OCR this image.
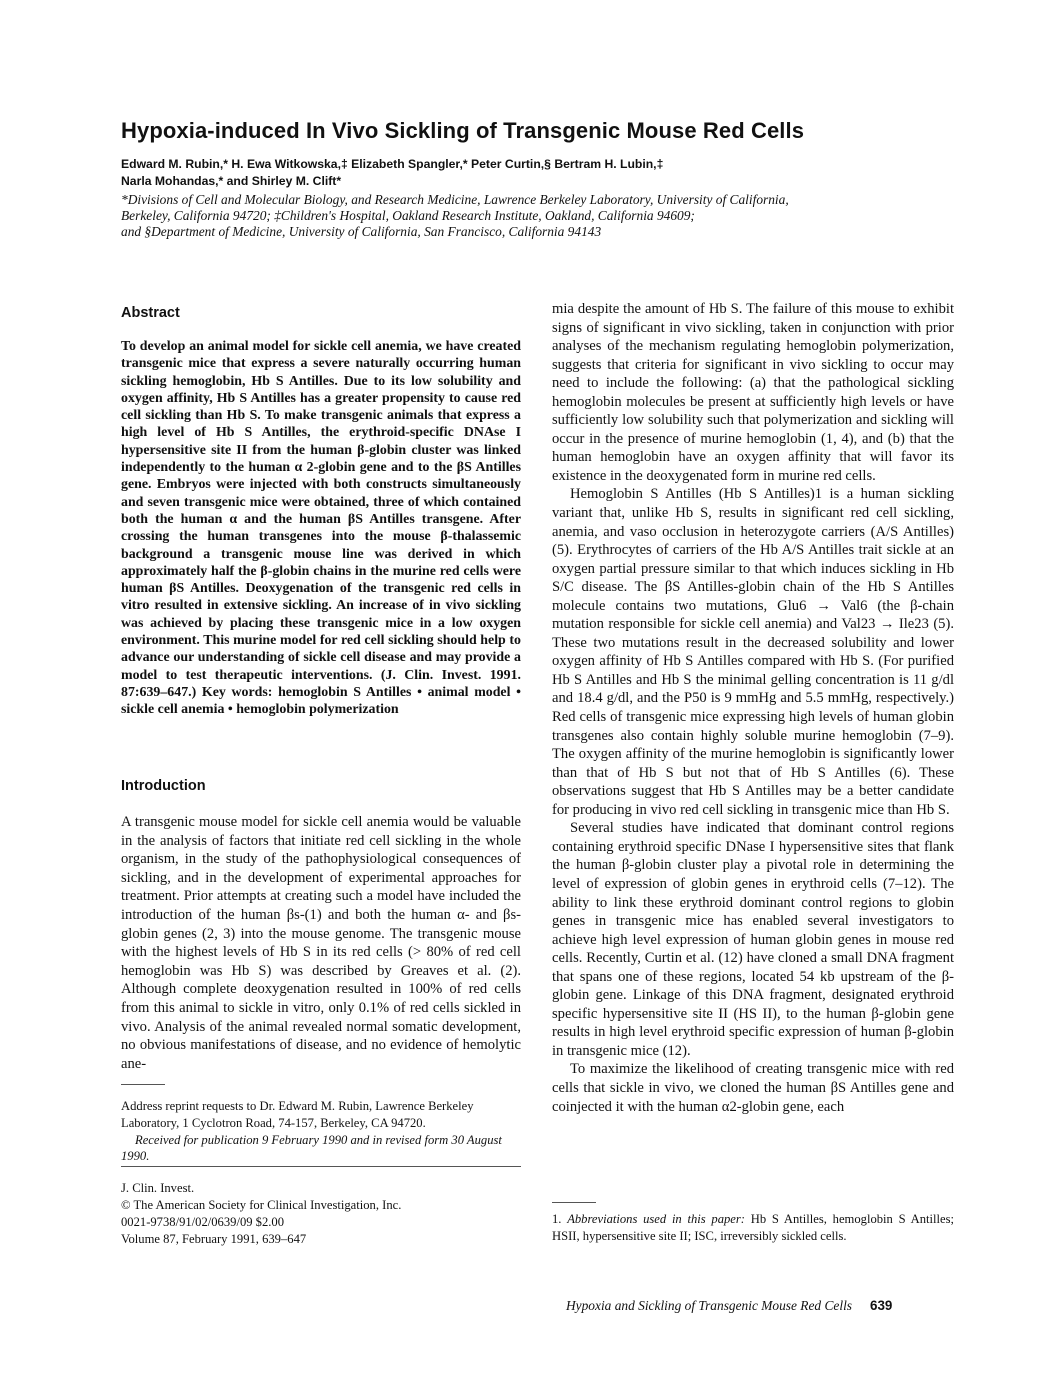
Hypoxia-induced In Vivo Sickling of Transgenic Mouse Red Cells
Edward M. Rubin,* H. Ewa Witkowska,‡ Elizabeth Spangler,* Peter Curtin,§ Bertram H. Lubin,‡
Narla Mohandas,* and Shirley M. Clift*
*Divisions of Cell and Molecular Biology, and Research Medicine, Lawrence Berkeley Laboratory, University of California,
Berkeley, California 94720; ‡Children's Hospital, Oakland Research Institute, Oakland, California 94609;
and §Department of Medicine, University of California, San Francisco, California 94143
Abstract
To develop an animal model for sickle cell anemia, we have created transgenic mice that express a severe naturally occurring human sickling hemoglobin, Hb S Antilles. Due to its low solubility and oxygen affinity, Hb S Antilles has a greater propensity to cause red cell sickling than Hb S. To make transgenic animals that express a high level of Hb S Antilles, the erythroid-specific DNAse I hypersensitive site II from the human β-globin cluster was linked independently to the human α 2-globin gene and to the βS Antilles gene. Embryos were injected with both constructs simultaneously and seven transgenic mice were obtained, three of which contained both the human α and the human βS Antilles transgene. After crossing the human transgenes into the mouse β-thalassemic background a transgenic mouse line was derived in which approximately half the β-globin chains in the murine red cells were human βS Antilles. Deoxygenation of the transgenic red cells in vitro resulted in extensive sickling. An increase of in vivo sickling was achieved by placing these transgenic mice in a low oxygen environment. This murine model for red cell sickling should help to advance our understanding of sickle cell disease and may provide a model to test therapeutic interventions. (J. Clin. Invest. 1991. 87:639–647.) Key words: hemoglobin S Antilles • animal model • sickle cell anemia • hemoglobin polymerization
Introduction
A transgenic mouse model for sickle cell anemia would be valuable in the analysis of factors that initiate red cell sickling in the whole organism, in the study of the pathophysiological consequences of sickling, and in the development of experimental approaches for treatment. Prior attempts at creating such a model have included the introduction of the human βs-(1) and both the human α- and βs-globin genes (2, 3) into the mouse genome. The transgenic mouse with the highest levels of Hb S in its red cells (> 80% of red cell hemoglobin was Hb S) was described by Greaves et al. (2). Although complete deoxygenation resulted in 100% of red cells from this animal to sickle in vitro, only 0.1% of red cells sickled in vivo. Analysis of the animal revealed normal somatic development, no obvious manifestations of disease, and no evidence of hemolytic ane-

Address reprint requests to Dr. Edward M. Rubin, Lawrence Berkeley Laboratory, 1 Cyclotron Road, 74-157, Berkeley, CA 94720.

Received for publication 9 February 1990 and in revised form 30 August 1990.

J. Clin. Invest.
© The American Society for Clinical Investigation, Inc.
0021-9738/91/02/0639/09 $2.00
Volume 87, February 1991, 639–647

mia despite the amount of Hb S. The failure of this mouse to exhibit signs of significant in vivo sickling, taken in conjunction with prior analyses of the mechanism regulating hemoglobin polymerization, suggests that criteria for significant in vivo sickling to occur may need to include the following: (a) that the pathological sickling hemoglobin molecules be present at sufficiently high levels or have sufficiently low solubility such that polymerization and sickling will occur in the presence of murine hemoglobin (1, 4), and (b) that the human hemoglobin have an oxygen affinity that will favor its existence in the deoxygenated form in murine red cells.

Hemoglobin S Antilles (Hb S Antilles)1 is a human sickling variant that, unlike Hb S, results in significant red cell sickling, anemia, and vaso occlusion in heterozygote carriers (A/S Antilles) (5). Erythrocytes of carriers of the Hb A/S Antilles trait sickle at an oxygen partial pressure similar to that which induces sickling in Hb S/C disease. The βS Antilles-globin chain of the Hb S Antilles molecule contains two mutations, Glu6 → Val6 (the β-chain mutation responsible for sickle cell anemia) and Val23 → Ile23 (5). These two mutations result in the decreased solubility and lower oxygen affinity of Hb S Antilles compared with Hb S. (For purified Hb S Antilles and Hb S the minimal gelling concentration is 11 g/dl and 18.4 g/dl, and the P50 is 9 mmHg and 5.5 mmHg, respectively.) Red cells of transgenic mice expressing high levels of human globin transgenes also contain highly soluble murine hemoglobin (7–9). The oxygen affinity of the murine hemoglobin is significantly lower than that of Hb S but not that of Hb S Antilles (6). These observations suggest that Hb S Antilles may be a better candidate for producing in vivo red cell sickling in transgenic mice than Hb S.

Several studies have indicated that dominant control regions containing erythroid specific DNase I hypersensitive sites that flank the human β-globin cluster play a pivotal role in determining the level of expression of globin genes in erythroid cells (7–12). The ability to link these erythroid dominant control regions to globin genes in transgenic mice has enabled several investigators to achieve high level expression of human globin genes in mouse red cells. Recently, Curtin et al. (12) have cloned a small DNA fragment that spans one of these regions, located 54 kb upstream of the β-globin gene. Linkage of this DNA fragment, designated erythroid specific hypersensitive site II (HS II), to the human β-globin gene results in high level erythroid specific expression of human β-globin in transgenic mice (12).

To maximize the likelihood of creating transgenic mice with red cells that sickle in vivo, we cloned the human βS Antilles gene and coinjected it with the human α2-globin gene, each

1. Abbreviations used in this paper: Hb S Antilles, hemoglobin S Antilles; HSII, hypersensitive site II; ISC, irreversibly sickled cells.
Hypoxia and Sickling of Transgenic Mouse Red Cells 639
